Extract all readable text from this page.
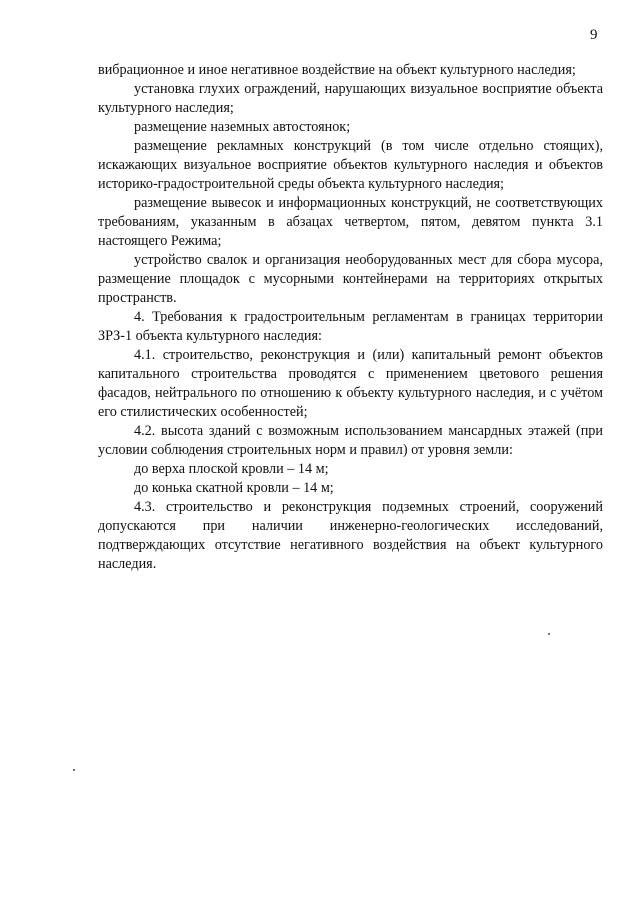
9

вибрационное и иное негативное воздействие на объект культурного наследия;

установка глухих ограждений, нарушающих визуальное восприятие объекта культурного наследия;

размещение наземных автостоянок;

размещение рекламных конструкций (в том числе отдельно стоящих), искажающих визуальное восприятие объектов культурного наследия и объектов историко-градостроительной среды объекта культурного наследия;

размещение вывесок и информационных конструкций, не соответствующих требованиям, указанным в абзацах четвертом, пятом, девятом пункта 3.1 настоящего Режима;

устройство свалок и организация необорудованных мест для сбора мусора, размещение площадок с мусорными контейнерами на территориях открытых пространств.

4. Требования к градостроительным регламентам в границах территории ЗРЗ-1 объекта культурного наследия:

4.1. строительство, реконструкция и (или) капитальный ремонт объектов капитального строительства проводятся с применением цветового решения фасадов, нейтрального по отношению к объекту культурного наследия, и с учётом его стилистических особенностей;

4.2. высота зданий с возможным использованием мансардных этажей (при условии соблюдения строительных норм и правил) от уровня земли:

до верха плоской кровли – 14 м;

до конька скатной кровли – 14 м;

4.3. строительство и реконструкция подземных строений, сооружений допускаются при наличии инженерно-геологических исследований, подтверждающих отсутствие негативного воздействия на объект культурного наследия.
